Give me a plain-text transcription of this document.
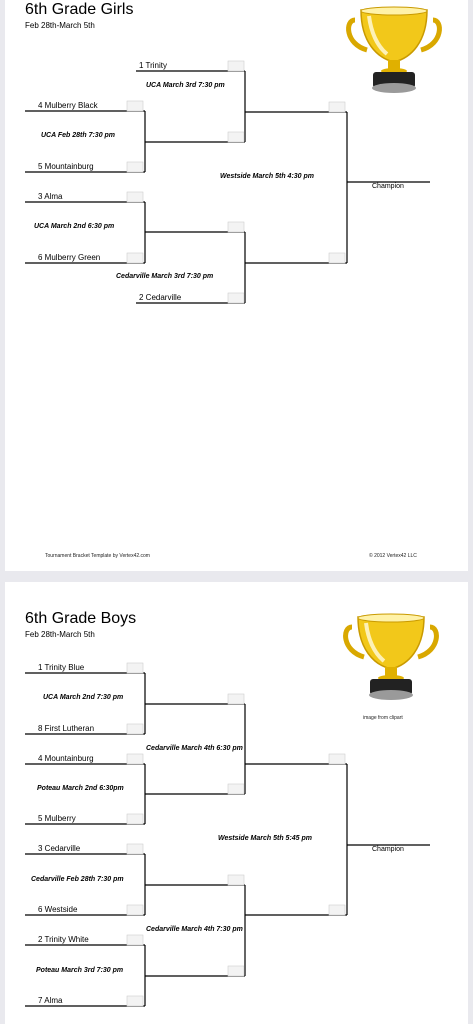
6th Grade Girls
Feb 28th-March 5th
1 Trinity
4 Mulberry Black
5 Mountainburg
3 Alma
6 Mulberry Green
2 Cedarville
UCA March 3rd 7:30 pm
UCA Feb 28th 7:30 pm
Westside March 5th 4:30 pm
UCA March 2nd 6:30 pm
Cedarville March 3rd 7:30 pm
Champion
Tournament Bracket Template by Vertex42.com	© 2012 Vertex42 LLC
6th Grade Boys
Feb 28th-March 5th
image from clipart
1 Trinity Blue
8 First Lutheran
4 Mountainburg
5 Mulberry
3 Cedarville
6 Westside
2 Trinity White
7 Alma
UCA March 2nd 7:30 pm
Cedarville March 4th 6:30 pm
Poteau March 2nd 6:30pm
Westside March 5th 5:45 pm
Cedarville Feb 28th 7:30 pm
Cedarville March 4th 7:30 pm
Poteau March 3rd 7:30 pm
Champion
